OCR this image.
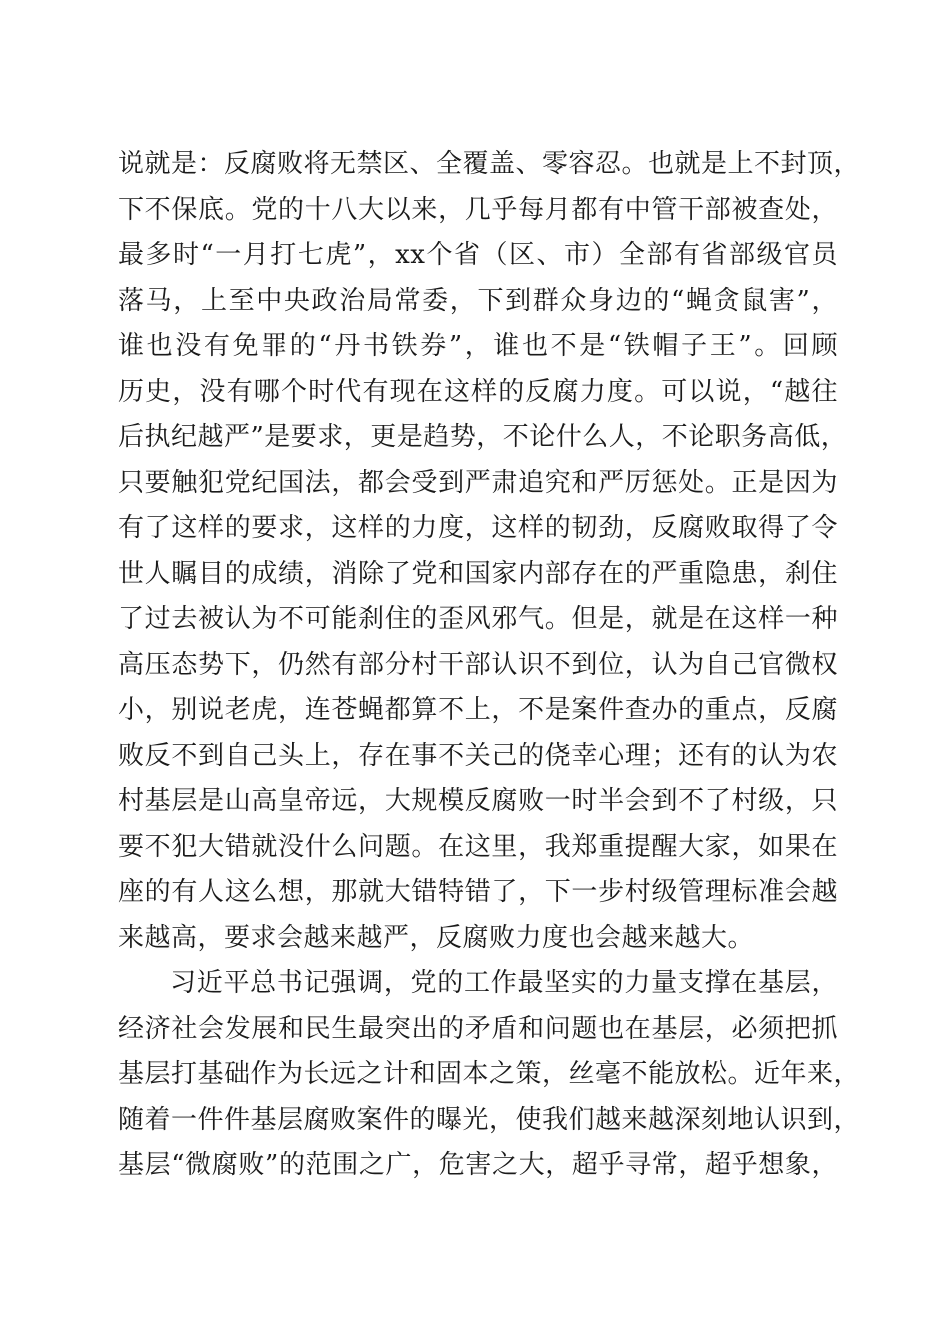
说就是：反腐败将无禁区、全覆盖、零容忍。也就是上不封顶，
下不保底。党的十八大以来，几乎每月都有中管干部被查处，
最多时“一月打七虎”，xx个省（区、市）全部有省部级官员
落马，上至中央政治局常委，下到群众身边的“蝇贪鼠害”，
谁也没有免罪的“丹书铁券”，谁也不是“铁帽子王”。回顾
历史，没有哪个时代有现在这样的反腐力度。可以说，“越往
后执纪越严”是要求，更是趋势，不论什么人，不论职务高低，
只要触犯党纪国法，都会受到严肃追究和严厉惩处。正是因为
有了这样的要求，这样的力度，这样的韧劲，反腐败取得了令
世人瞩目的成绩，消除了党和国家内部存在的严重隐患，刹住
了过去被认为不可能刹住的歪风邪气。但是，就是在这样一种
高压态势下，仍然有部分村干部认识不到位，认为自己官微权
小，别说老虎，连苍蝇都算不上，不是案件查办的重点，反腐
败反不到自己头上，存在事不关己的侥幸心理；还有的认为农
村基层是山高皇帝远，大规模反腐败一时半会到不了村级，只
要不犯大错就没什么问题。在这里，我郑重提醒大家，如果在
座的有人这么想，那就大错特错了，下一步村级管理标准会越
来越高，要求会越来越严，反腐败力度也会越来越大。
习近平总书记强调，党的工作最坚实的力量支撑在基层，
经济社会发展和民生最突出的矛盾和问题也在基层，必须把抓
基层打基础作为长远之计和固本之策，丝毫不能放松。近年来，
随着一件件基层腐败案件的曝光，使我们越来越深刻地认识到，
基层“微腐败”的范围之广，危害之大，超乎寻常，超乎想象，
